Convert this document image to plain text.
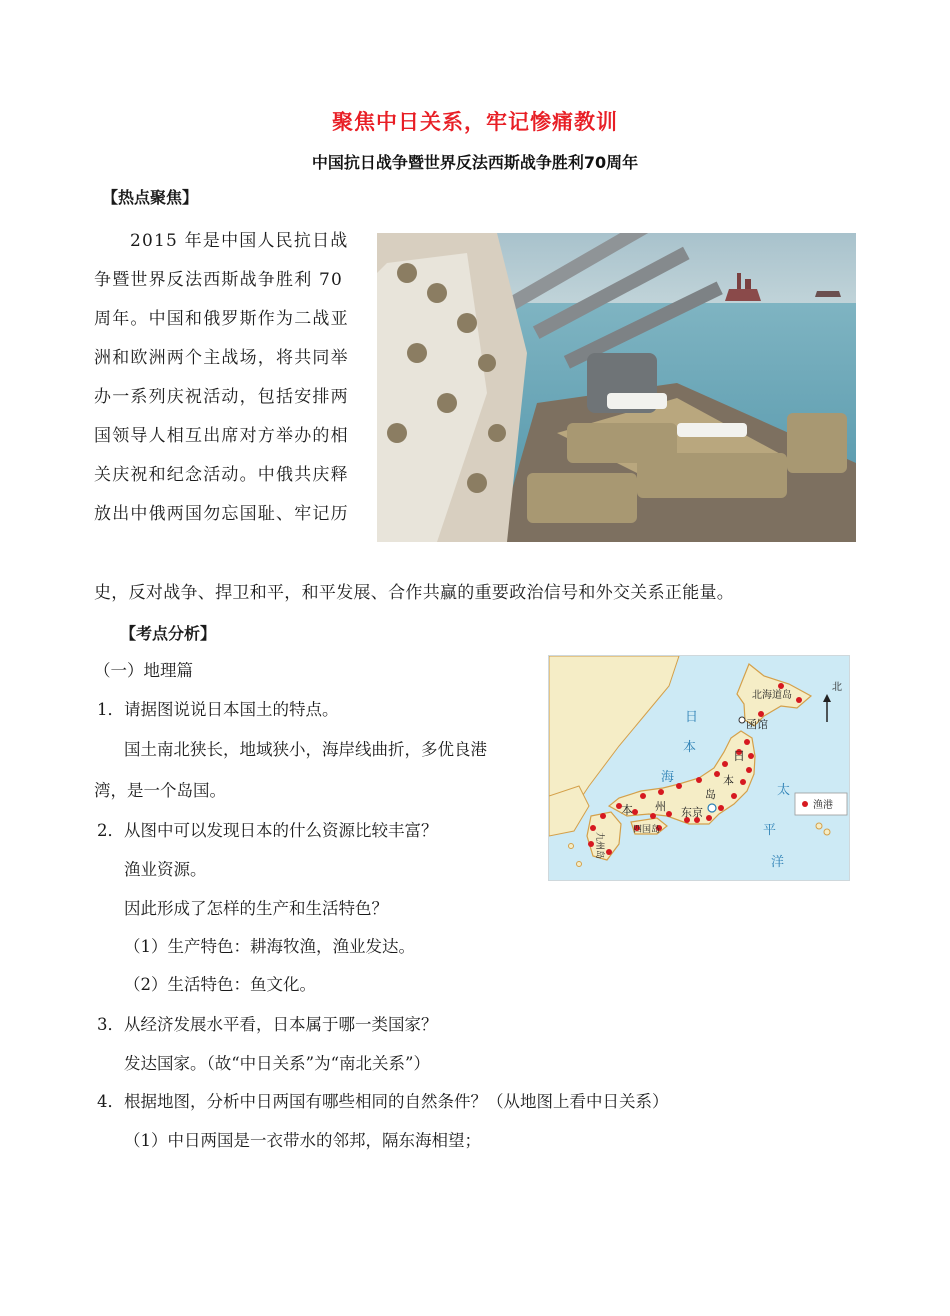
聚焦中日关系，牢记惨痛教训
中国抗日战争暨世界反法西斯战争胜利70周年
【热点聚焦】
2015 年是中国人民抗日战
争暨世界反法西斯战争胜利 70
周年。中国和俄罗斯作为二战亚
洲和欧洲两个主战场，将共同举
办一系列庆祝活动，包括安排两
国领导人相互出席对方举办的相
关庆祝和纪念活动。中俄共庆释
放出中俄两国勿忘国耻、牢记历
史，反对战争、捍卫和平，和平发展、合作共赢的重要政治信号和外交关系正能量。
【考点分析】
（一）地理篇
1．请据图说说日本国土的特点。
国土南北狭长，地域狭小，海岸线曲折，多优良港
湾，是一个岛国。
2．从图中可以发现日本的什么资源比较丰富？
渔业资源。
因此形成了怎样的生产和生活特色？
（1）生产特色：耕海牧渔，渔业发达。
（2）生活特色：鱼文化。
3．从经济发展水平看，日本属于哪一类国家？
发达国家。（故“中日关系”为“南北关系”）
4．根据地图，分析中日两国有哪些相同的自然条件？（从地图上看中日关系）
（1）中日两国是一衣带水的邻邦，隔东海相望；
北海道岛
函馆
东京
日
本
海
太
平
洋
日
本
本 州
岛
四国岛
九州岛
北
渔港
